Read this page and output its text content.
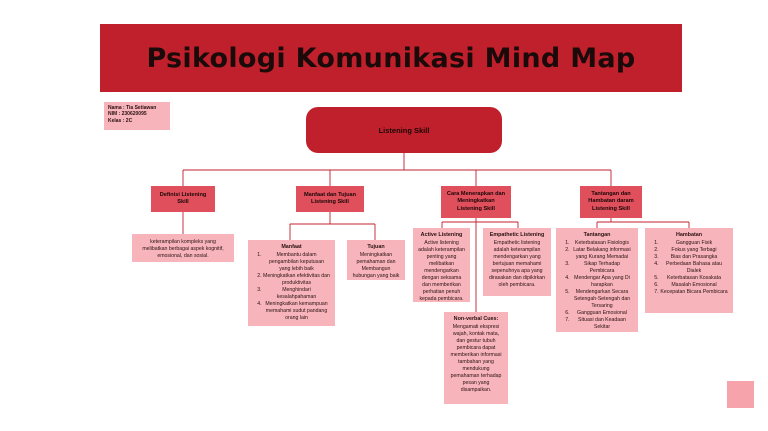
Psikologi Komunikasi Mind Map
Nama : Tia Setiawan
NIM : 230620095
Kelas : 2C
Listening Skill
Definisi Listening Skill
Manfaat dan Tujuan Listening Skill
Cara Menerapkan dan Meningkatkan Listening Skill
Tantangan dan Hambatan daram Listening Skill
keterampilan kompleks yang melibatkan berbagai aspek kognitif, emosional, dan sosial.
Manfaat
1. Membantu dalam pengambilan keputusan yang lebih baik
2. Meningkatkan efektivitas dan produktivitas
3. Menghindari kesalahpahaman
4. Meningkatkan kemampuan memahami sudut pandang orang lain
Tujuan
Meningkatkan pemahaman dan Membangun hubungan yang baik
Active Listening
Active listening adalah keterampilan penting yang melibatkan mendengarkan dengan seksama dan memberikan perhatian penuh kepada pembicara.
Empathetic Listening
Empathetic listening adalah keterampilan mendengarkan yang bertujuan memahami sepenuhnya apa yang dirasakan dan dipikirkan oleh pembicara.
Non-verbal Cues:
Mengamati ekspresi wajah, kontak mata, dan gestur tubuh pembicara dapat memberikan informasi tambahan yang mendukung pemahaman terhadap pesan yang disampaikan.
Tantangan
1. Keterbatasan Fisiologis
2. Latar Belakang informasi yang Kurang Memadai
3. Sikap Terhadap Pembicara
4. Mendengar Apa yang Di harapkan
5. Mendengarkan Secara Setengah-Setengah dan Tersaring
6. Gangguan Emosional
7. Situasi dan Keadaan Sekitar
Hambatan
1. Gangguan Fisik
2. Fokus yang Terbagi
3. Bias dan Prasangka
4. Perbedaan Bahasa atau Dialek
5. Keterbatasan Kosakata
6. Masalah Emosional
7. Kecepatan Bicara Pembicara
